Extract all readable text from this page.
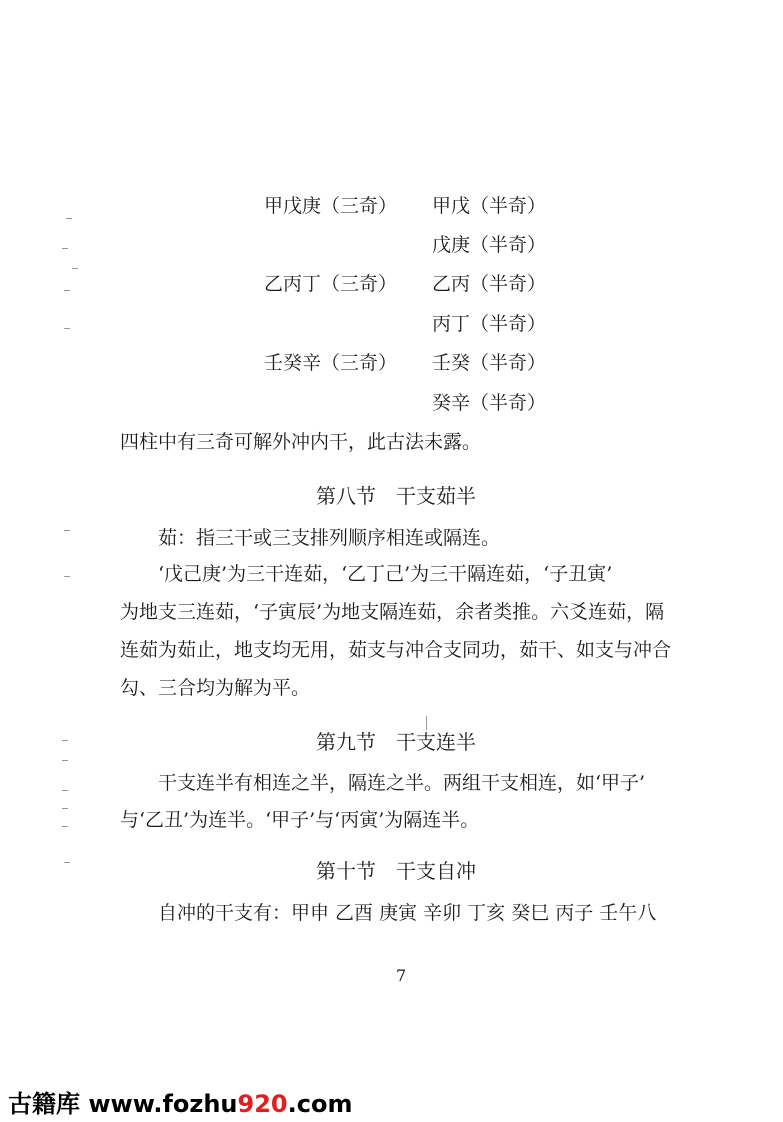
甲戊庚（三奇） 甲戊（半奇）
戊庚（半奇）
乙丙丁（三奇） 乙丙（半奇）
丙丁（半奇）
壬癸辛（三奇） 壬癸（半奇）
癸辛（半奇）
四柱中有三奇可解外冲内干，此古法未露。
第八节　干支茹半
茹：指三干或三支排列顺序相连或隔连。
‘戊己庚’为三干连茹，‘乙丁己’为三干隔连茹，‘子丑寅’
为地支三连茹，‘子寅辰’为地支隔连茹，余者类推。六爻连茹，隔
连茹为茹止，地支均无用，茹支与冲合支同功，茹干、如支与冲合
勾、三合均为解为平。
第九节　干支连半
干支连半有相连之半，隔连之半。两组干支相连，如‘甲子’
与‘乙丑’为连半。‘甲子’与‘丙寅’为隔连半。
第十节　干支自冲
自冲的干支有：甲申 乙酉 庚寅 辛卯 丁亥 癸巳 丙子 壬午八
7
古籍库 www.fozhu920.com
